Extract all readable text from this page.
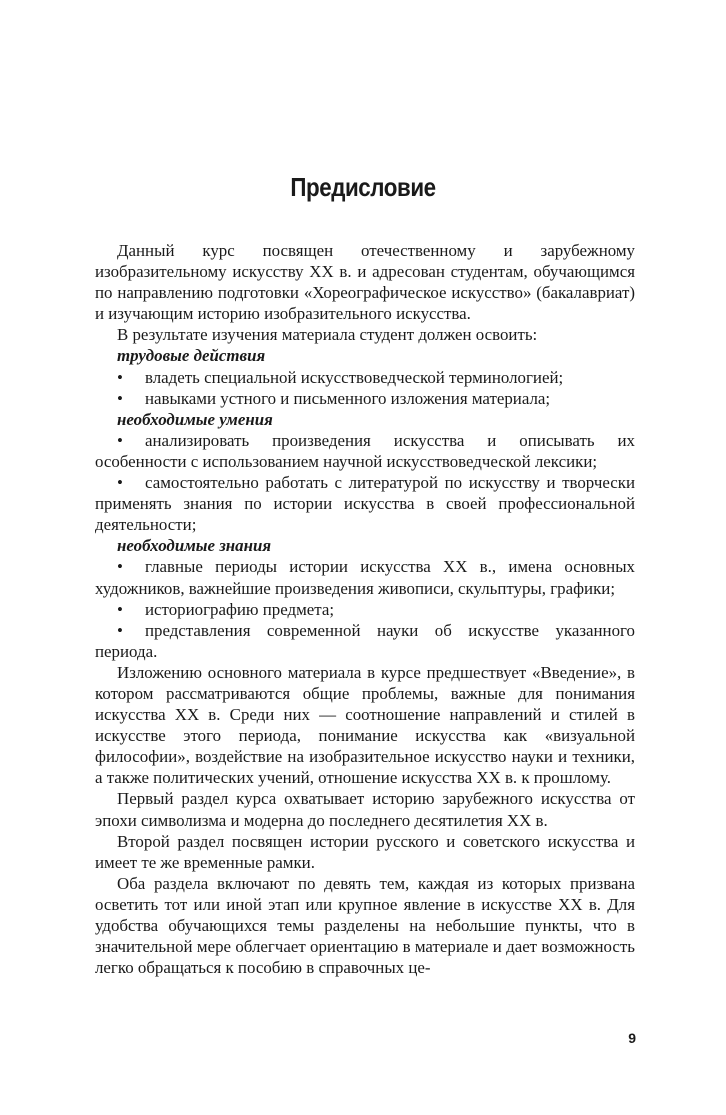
Предисловие

Данный курс посвящен отечественному и зарубежному изобразительному искусству XX в. и адресован студентам, обучающимся по направлению подготовки «Хореографическое искусство» (бакалавриат) и изучающим историю изобразительного искусства.

В результате изучения материала студент должен освоить:

трудовые действия

• владеть специальной искусствоведческой терминологией;

• навыками устного и письменного изложения материала;

необходимые умения

• анализировать произведения искусства и описывать их особенности с использованием научной искусствоведческой лексики;

• самостоятельно работать с литературой по искусству и творчески применять знания по истории искусства в своей профессиональной деятельности;

необходимые знания

• главные периоды истории искусства XX в., имена основных художников, важнейшие произведения живописи, скульптуры, графики;

• историографию предмета;

• представления современной науки об искусстве указанного периода.

Изложению основного материала в курсе предшествует «Введение», в котором рассматриваются общие проблемы, важные для понимания искусства XX в. Среди них — соотношение направлений и стилей в искусстве этого периода, понимание искусства как «визуальной философии», воздействие на изобразительное искусство науки и техники, а также политических учений, отношение искусства XX в. к прошлому.

Первый раздел курса охватывает историю зарубежного искусства от эпохи символизма и модерна до последнего десятилетия XX в.

Второй раздел посвящен истории русского и советского искусства и имеет те же временные рамки.

Оба раздела включают по девять тем, каждая из которых призвана осветить тот или иной этап или крупное явление в искусстве XX в. Для удобства обучающихся темы разделены на небольшие пункты, что в значительной мере облегчает ориентацию в материале и дает возможность легко обращаться к пособию в справочных це-

9
